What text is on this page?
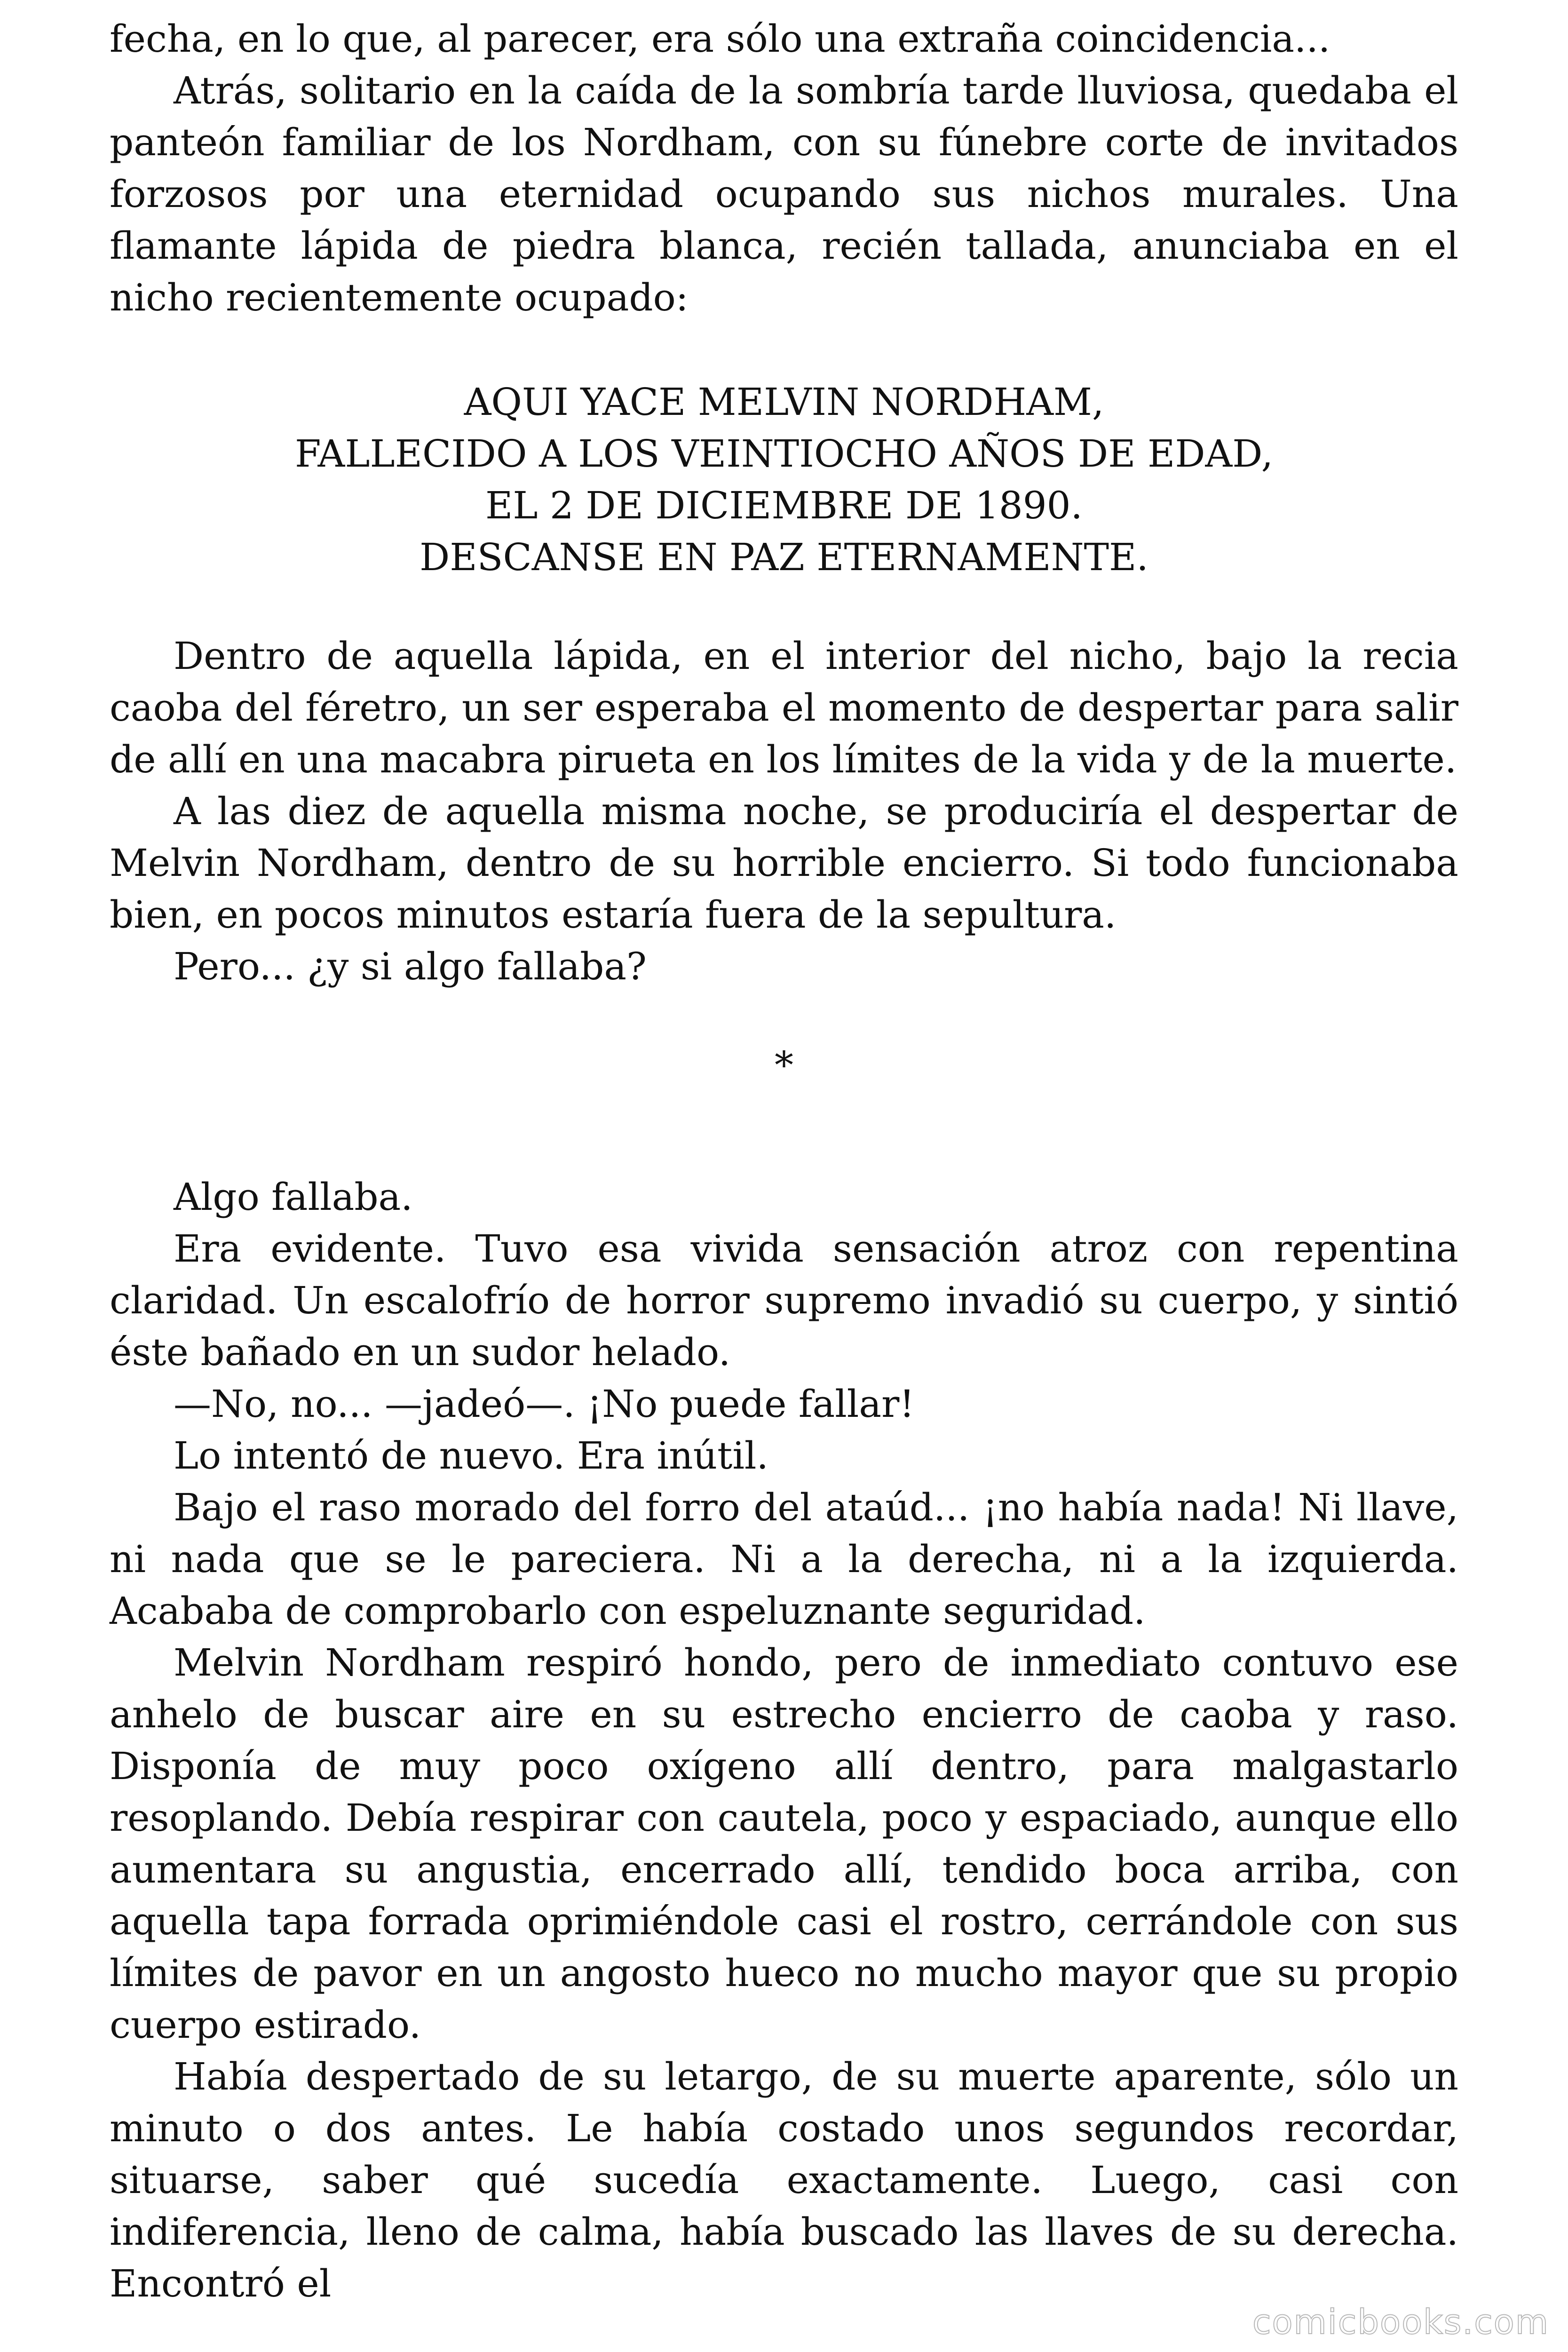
fecha, en lo que, al parecer, era sólo una extraña coincidencia...

Atrás, solitario en la caída de la sombría tarde lluviosa, quedaba el panteón familiar de los Nordham, con su fúnebre corte de invitados forzosos por una eternidad ocupando sus nichos murales. Una flamante lápida de piedra blanca, recién tallada, anunciaba en el nicho recientemente ocupado:

AQUI YACE MELVIN NORDHAM,
FALLECIDO A LOS VEINTIOCHO AÑOS DE EDAD,
EL 2 DE DICIEMBRE DE 1890.
DESCANSE EN PAZ ETERNAMENTE.

Dentro de aquella lápida, en el interior del nicho, bajo la recia caoba del féretro, un ser esperaba el momento de despertar para salir de allí en una macabra pirueta en los límites de la vida y de la muerte.

A las diez de aquella misma noche, se produciría el despertar de Melvin Nordham, dentro de su horrible encierro. Si todo funcionaba bien, en pocos minutos estaría fuera de la sepultura.

Pero... ¿y si algo fallaba?

*

Algo fallaba.

Era evidente. Tuvo esa vivida sensación atroz con repentina claridad. Un escalofrío de horror supremo invadió su cuerpo, y sintió éste bañado en un sudor helado.

—No, no... —jadeó—. ¡No puede fallar!

Lo intentó de nuevo. Era inútil.

Bajo el raso morado del forro del ataúd... ¡no había nada! Ni llave, ni nada que se le pareciera. Ni a la derecha, ni a la izquierda. Acababa de comprobarlo con espeluznante seguridad.

Melvin Nordham respiró hondo, pero de inmediato contuvo ese anhelo de buscar aire en su estrecho encierro de caoba y raso. Disponía de muy poco oxígeno allí dentro, para malgastarlo resoplando. Debía respirar con cautela, poco y espaciado, aunque ello aumentara su angustia, encerrado allí, tendido boca arriba, con aquella tapa forrada oprimiéndole casi el rostro, cerrándole con sus límites de pavor en un angosto hueco no mucho mayor que su propio cuerpo estirado.

Había despertado de su letargo, de su muerte aparente, sólo un minuto o dos antes. Le había costado unos segundos recordar, situarse, saber qué sucedía exactamente. Luego, casi con indiferencia, lleno de calma, había buscado las llaves de su derecha. Encontró el

comicbooks.com
